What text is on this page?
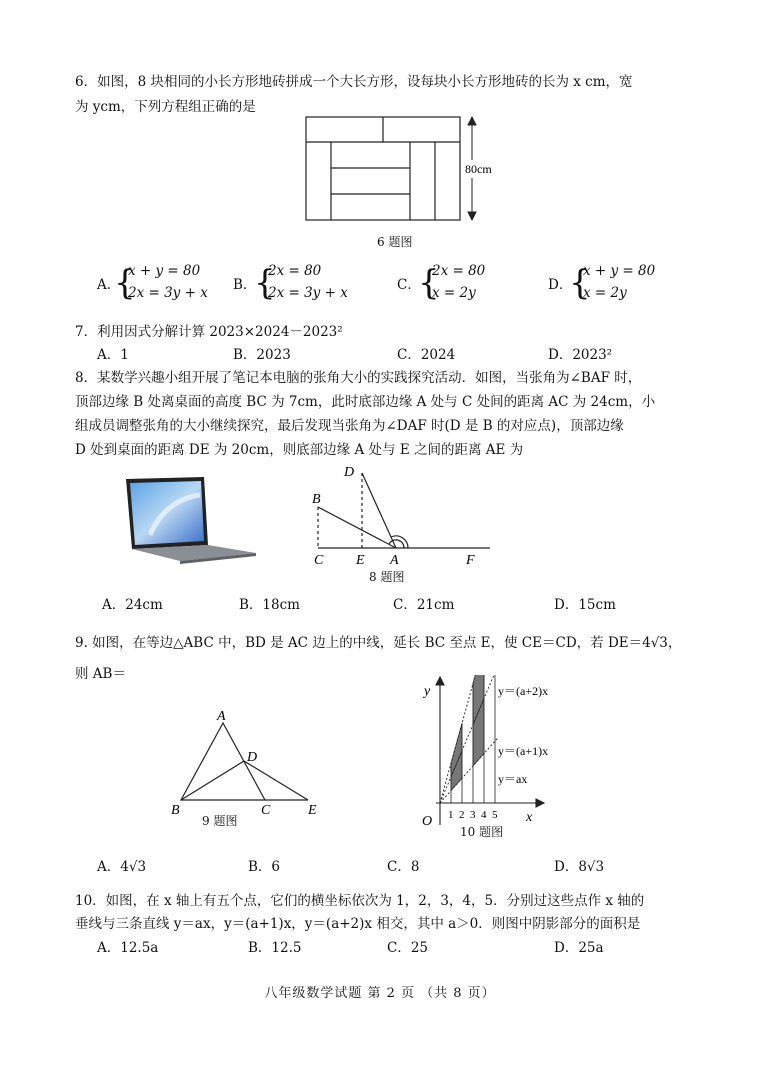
6．如图，8 块相同的小长方形地砖拼成一个大长方形，设每块小长方形地砖的长为 x cm，宽
为 ycm，下列方程组正确的是
80cm
6 题图
A. {
x + y = 80
2x = 3y + x B．
{
2x = 80
2x = 3y + x	C．
{
2x = 80
x = 2y	D．
{
x + y = 80
x = 2y
7．利用因式分解计算 2023×2024－2023²
A．1	B．2023	C．2024	D．2023²
8．某数学兴趣小组开展了笔记本电脑的张角大小的实践探究活动．如图，当张角为∠BAF 时，
顶部边缘 B 处离桌面的高度 BC 为 7cm，此时底部边缘 A 处与 C 处间的距离 AC 为 24cm，小
组成员调整张角的大小继续探究，最后发现当张角为∠DAF 时(D 是 B 的对应点)，顶部边缘
D 处到桌面的距离 DE 为 20cm，则底部边缘 A 处与 E 之间的距离 AE 为
D
B
C E A	F
8 题图
A．24cm	B．18cm	C．21cm	D．15cm
9. 如图，在等边△ABC 中，BD 是 AC 边上的中线，延长 BC 至点 E，使 CE＝CD，若 DE＝4√3，
则 AB＝
A
B	C
D
E
9 题图
y
x
O 1 2 3 4 5
y＝(a+2)x
y＝(a+1)x
y＝ax
10 题图
A．4√3	B．6	C．8	D．8√3
10．如图，在 x 轴上有五个点，它们的横坐标依次为 1，2，3，4，5．分别过这些点作 x 轴的
垂线与三条直线 y＝ax，y＝(a+1)x，y＝(a+2)x 相交，其中 a＞0．则图中阴影部分的面积是
A．12.5a	B．12.5	C．25	D．25a
八年级数学试题 第 2 页 （共 8 页）
